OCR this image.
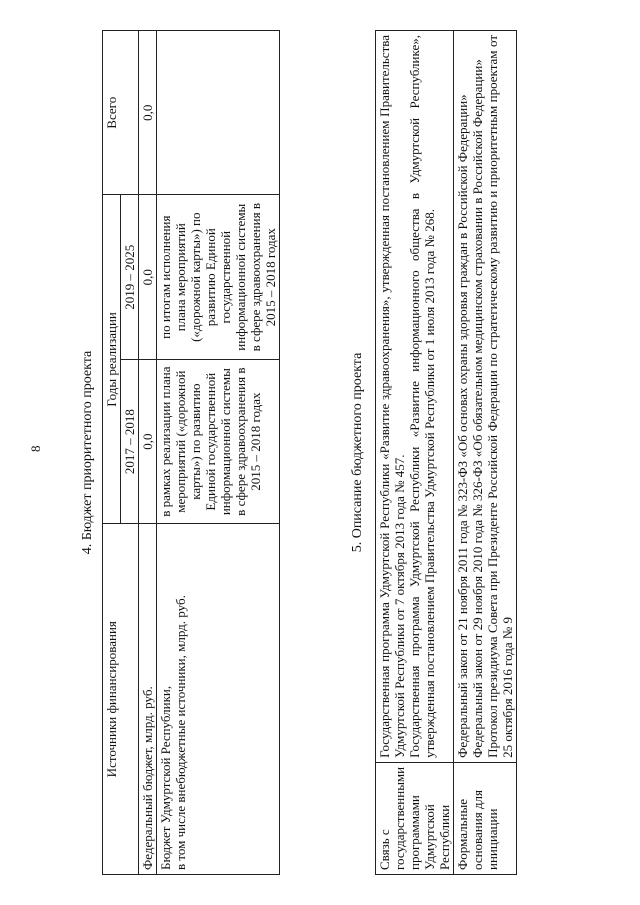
8	4. Бюджет приоритетного проекта
Источники финансирования	Годы реализации		Всего
	2017 – 2018	2019 – 2025	
Федеральный бюджет, млрд. руб.	0,0	0,0	0,0
Бюджет Удмуртской Республики,
в том числе внебюджетные источники, млрд. руб.	в рамках реализации плана мероприятий («дорожной карты») по развитию Единой государственной информационной системы в сфере здравоохранения в 2015 – 2018 годах	по итогам исполнения плана мероприятий («дорожной карты») по развитию Единой государственной информационной системы в сфере здравоохранения в 2015 – 2018 годах	
5. Описание бюджетного проекта
Связь с государственными программами Удмуртской Республики	Государственная программа Удмуртской Республики «Развитие здравоохранения», утвержденная постановлением Правительства Удмуртской Республики от 7 октября 2013 года № 457. Государственная программа Удмуртской Республики «Развитие информационного общества в Удмуртской Республике», утвержденная постановлением Правительства Удмуртской Республики от 1 июля 2013 года № 268.

Формальные основания для инициации	Федеральный закон от 21 ноября 2011 года № 323-ФЗ «Об основах охраны здоровья граждан в Российской Федерации» Федеральный закон от 29 ноября 2010 года № 326-ФЗ «Об обязательном медицинском страховании в Российской Федерации» Протокол президиума Совета при Президенте Российской Федерации по стратегическому развитию и приоритетным проектам от 25 октября 2016 года № 9
